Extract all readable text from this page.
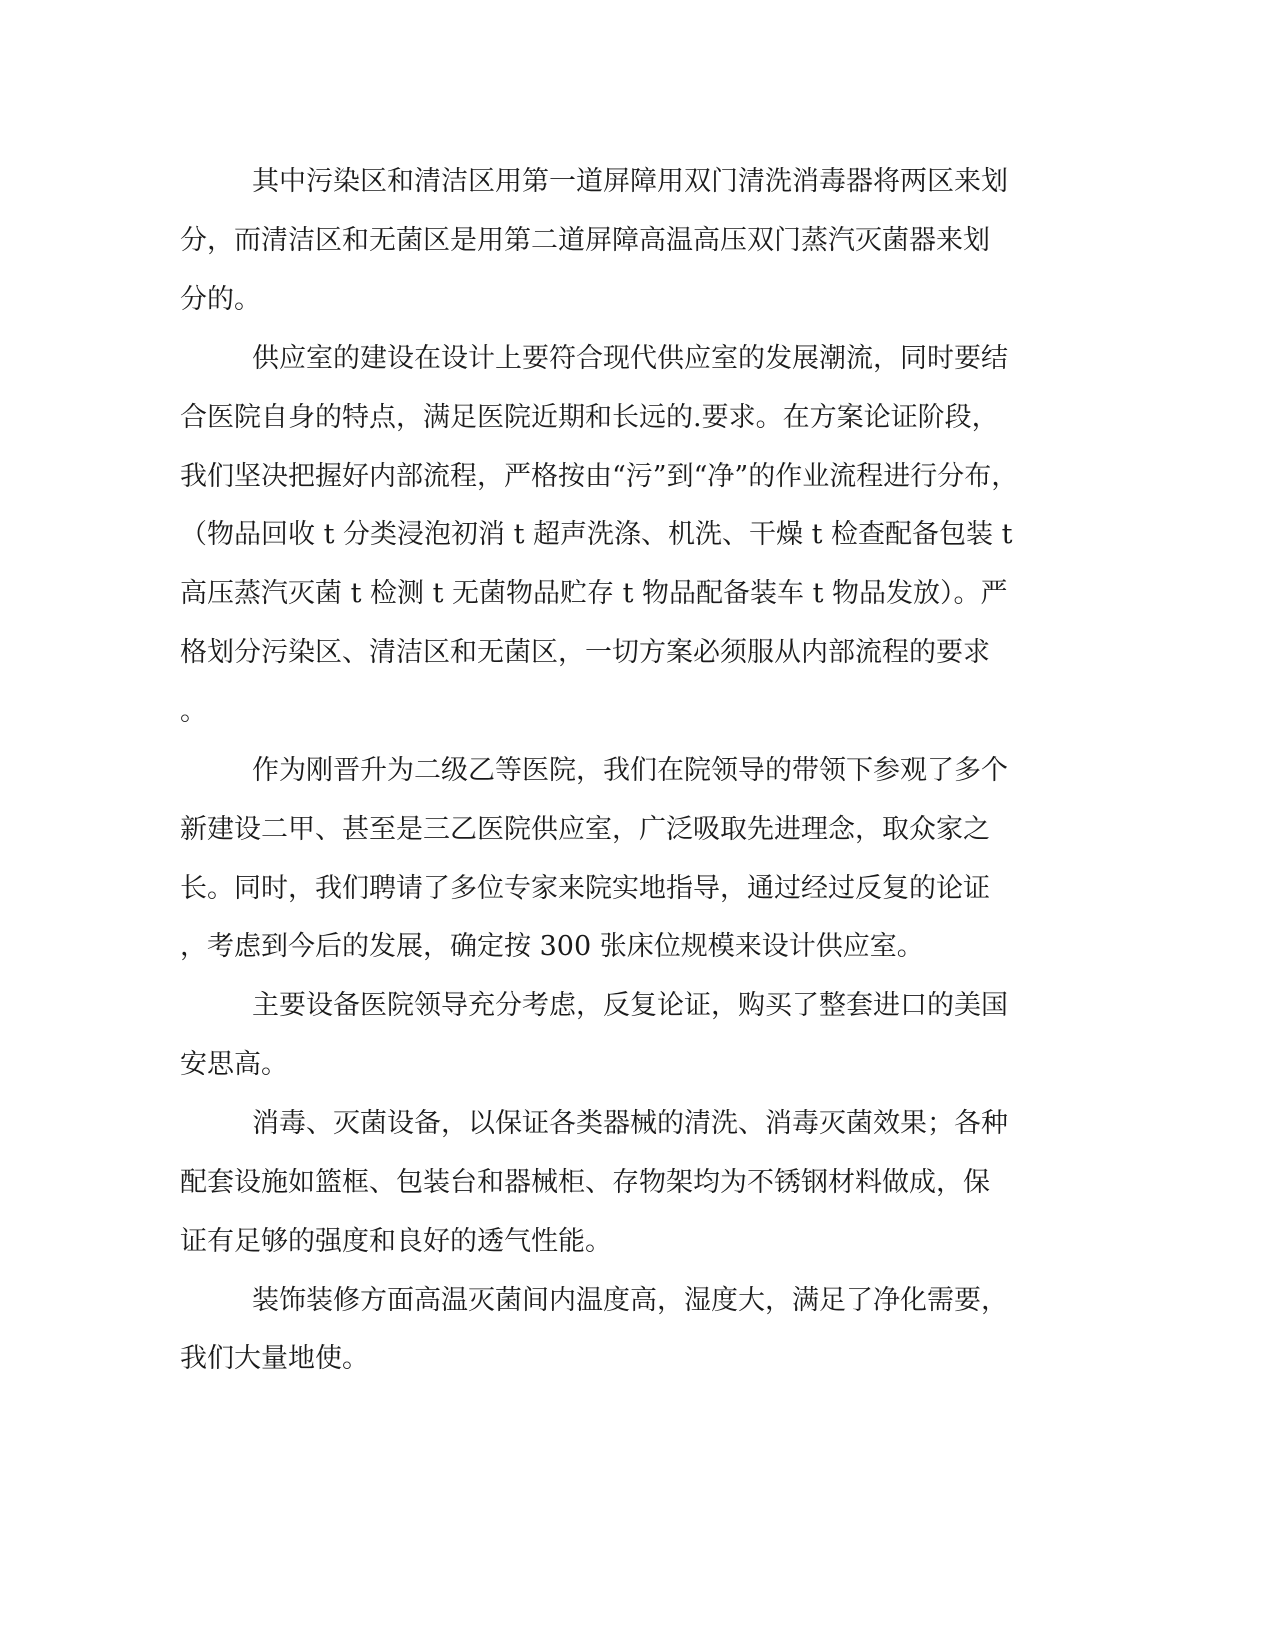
其中污染区和清洁区用第一道屏障用双门清洗消毒器将两区来划
分，而清洁区和无菌区是用第二道屏障高温高压双门蒸汽灭菌器来划
分的。
供应室的建设在设计上要符合现代供应室的发展潮流，同时要结
合医院自身的特点，满足医院近期和长远的.要求。在方案论证阶段，
我们坚决把握好内部流程，严格按由“污”到“净”的作业流程进行分布，
（物品回收 t 分类浸泡初消 t 超声洗涤、机洗、干燥 t 检查配备包装 t
高压蒸汽灭菌 t 检测 t 无菌物品贮存 t 物品配备装车 t 物品发放）。严
格划分污染区、清洁区和无菌区，一切方案必须服从内部流程的要求
。
作为刚晋升为二级乙等医院，我们在院领导的带领下参观了多个
新建设二甲、甚至是三乙医院供应室，广泛吸取先进理念，取众家之
长。同时，我们聘请了多位专家来院实地指导，通过经过反复的论证
，考虑到今后的发展，确定按 300 张床位规模来设计供应室。
主要设备医院领导充分考虑，反复论证，购买了整套进口的美国
安思高。
消毒、灭菌设备，以保证各类器械的清洗、消毒灭菌效果；各种
配套设施如篮框、包装台和器械柜、存物架均为不锈钢材料做成，保
证有足够的强度和良好的透气性能。
装饰装修方面高温灭菌间内温度高，湿度大，满足了净化需要，
我们大量地使。
